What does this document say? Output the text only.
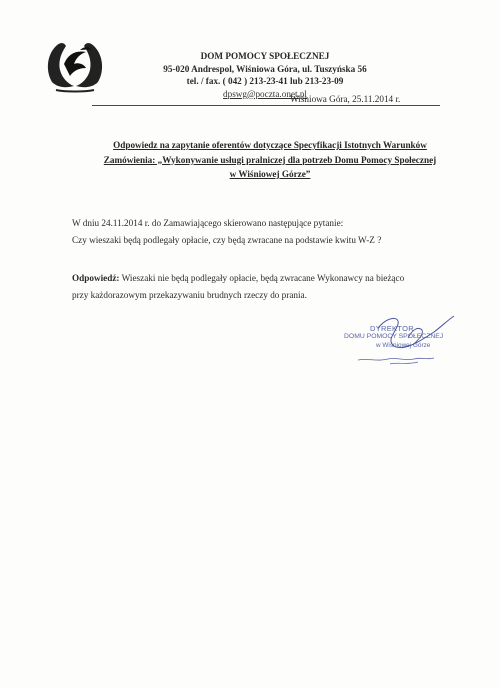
DOM POMOCY SPOŁECZNEJ
95-020 Andrespol, Wiśniowa Góra, ul. Tuszyńska 56
tel. / fax. ( 042 ) 213-23-41 lub 213-23-09
dpswg@poczta.onet.pl
Wiśniowa Góra, 25.11.2014 r.
Odpowiedz na zapytanie oferentów dotyczące Specyfikacji Istotnych Warunków
Zamówienia: „Wykonywanie usługi pralniczej dla potrzeb Domu Pomocy Społecznej
w Wiśniowej Górze”

W dniu 24.11.2014 r. do Zamawiającego skierowano następujące pytanie:

Czy wieszaki będą podlegały opłacie, czy będą zwracane na podstawie kwitu W-Z ?

Odpowiedź: Wieszaki nie będą podlegały opłacie, będą zwracane Wykonawcy na bieżąco

przy każdorazowym przekazywaniu brudnych rzeczy do prania.

DYREKTOR
DOMU POMOCY SPOŁECZNEJ
w Wiśniowej Górze
